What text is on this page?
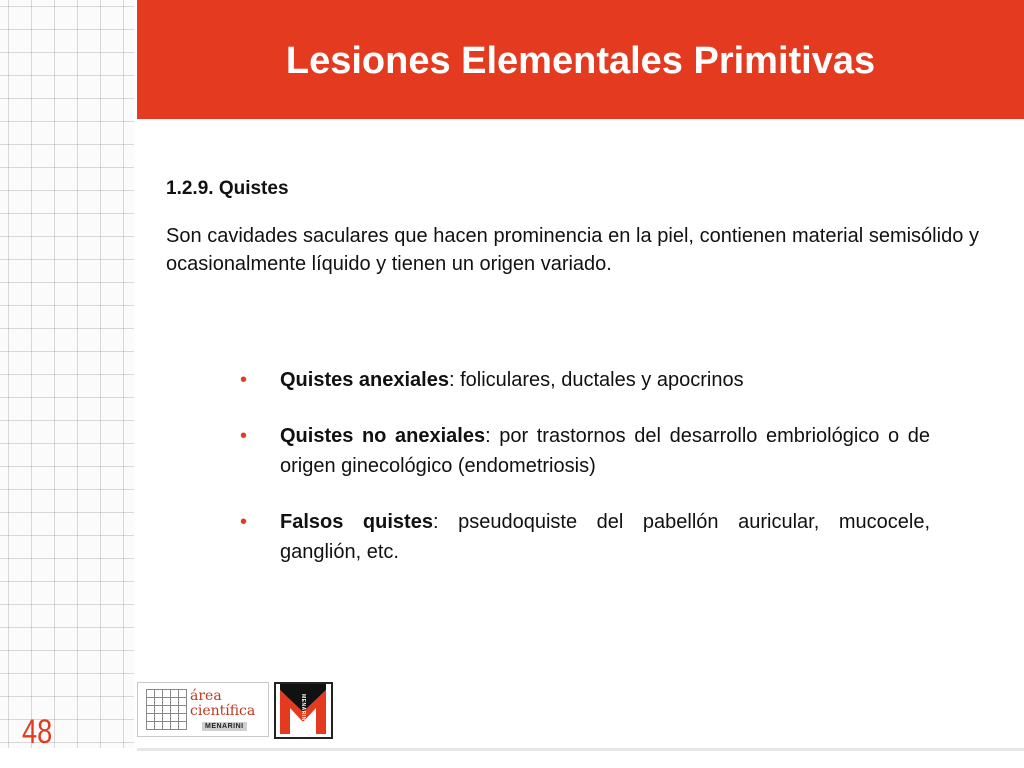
Lesiones Elementales Primitivas
1.2.9. Quistes

Son cavidades saculares que hacen prominencia en la piel, contienen material semisólido y ocasionalmente líquido y tienen un origen variado.

• Quistes anexiales: foliculares, ductales y apocrinos
• Quistes no anexiales: por trastornos del desarrollo embriológico o de origen ginecológico (endometriosis)
• Falsos quistes: pseudoquiste del pabellón auricular, mucocele, ganglión, etc.
área
científica
MENARINI
MENARINI
48
